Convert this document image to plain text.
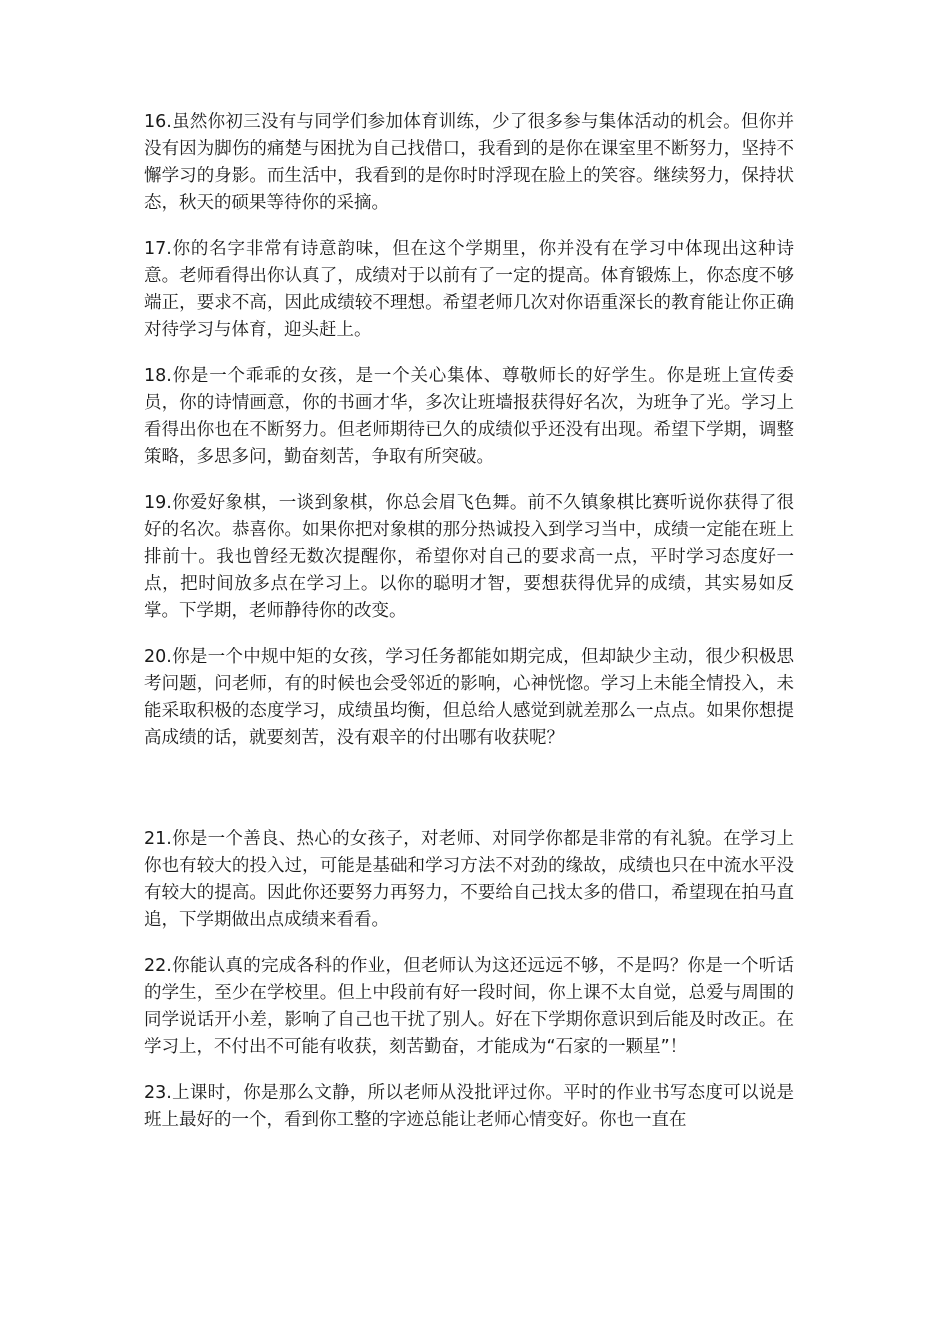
16.虽然你初三没有与同学们参加体育训练，少了很多参与集体活动的机会。但你并没有因为脚伤的痛楚与困扰为自己找借口，我看到的是你在课室里不断努力，坚持不懈学习的身影。而生活中，我看到的是你时时浮现在脸上的笑容。继续努力，保持状态，秋天的硕果等待你的采摘。

17.你的名字非常有诗意韵味，但在这个学期里，你并没有在学习中体现出这种诗意。老师看得出你认真了，成绩对于以前有了一定的提高。体育锻炼上，你态度不够端正，要求不高，因此成绩较不理想。希望老师几次对你语重深长的教育能让你正确对待学习与体育，迎头赶上。

18.你是一个乖乖的女孩，是一个关心集体、尊敬师长的好学生。你是班上宣传委员，你的诗情画意，你的书画才华，多次让班墙报获得好名次，为班争了光。学习上看得出你也在不断努力。但老师期待已久的成绩似乎还没有出现。希望下学期，调整策略，多思多问，勤奋刻苦，争取有所突破。

19.你爱好象棋，一谈到象棋，你总会眉飞色舞。前不久镇象棋比赛听说你获得了很好的名次。恭喜你。如果你把对象棋的那分热诚投入到学习当中，成绩一定能在班上排前十。我也曾经无数次提醒你，希望你对自己的要求高一点，平时学习态度好一点，把时间放多点在学习上。以你的聪明才智，要想获得优异的成绩，其实易如反掌。下学期，老师静待你的改变。

20.你是一个中规中矩的女孩，学习任务都能如期完成，但却缺少主动，很少积极思考问题，问老师，有的时候也会受邻近的影响，心神恍惚。学习上未能全情投入，未能采取积极的态度学习，成绩虽均衡，但总给人感觉到就差那么一点点。如果你想提高成绩的话，就要刻苦，没有艰辛的付出哪有收获呢？

21.你是一个善良、热心的女孩子，对老师、对同学你都是非常的有礼貌。在学习上你也有较大的投入过，可能是基础和学习方法不对劲的缘故，成绩也只在中流水平没有较大的提高。因此你还要努力再努力，不要给自己找太多的借口，希望现在拍马直追，下学期做出点成绩来看看。

22.你能认真的完成各科的作业，但老师认为这还远远不够，不是吗？你是一个听话的学生，至少在学校里。但上中段前有好一段时间，你上课不太自觉，总爱与周围的同学说话开小差，影响了自己也干扰了别人。好在下学期你意识到后能及时改正。在学习上，不付出不可能有收获，刻苦勤奋，才能成为“石家的一颗星”！

23.上课时，你是那么文静，所以老师从没批评过你。平时的作业书写态度可以说是班上最好的一个，看到你工整的字迹总能让老师心情变好。你也一直在
